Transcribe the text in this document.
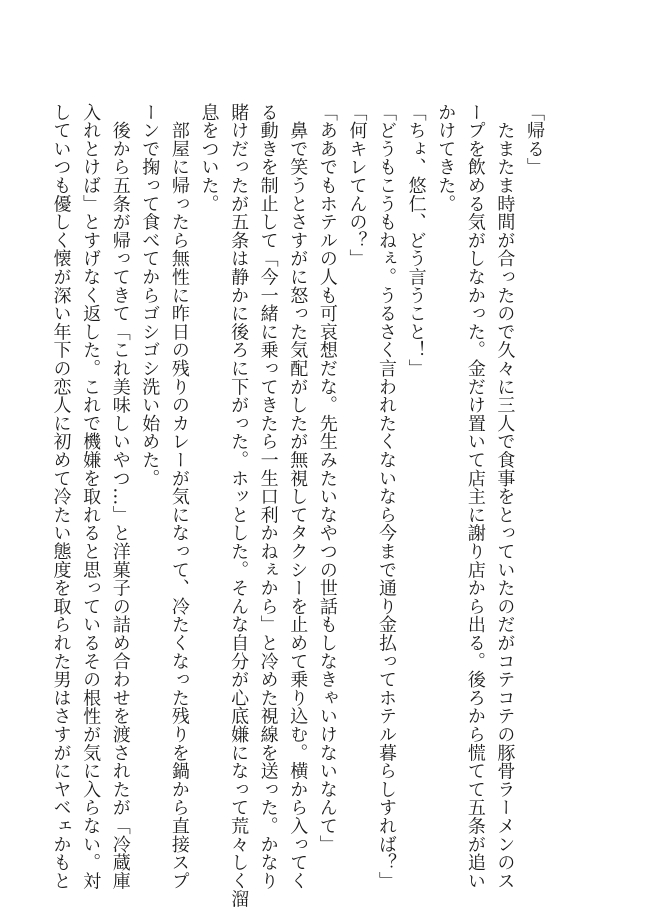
「帰る」
　たまたま時間が合ったので久々に三人で食事をとっていたのだがコテコテの豚骨ラーメンのス
ープを飲める気がしなかった。金だけ置いて店主に謝り店から出る。後ろから慌てて五条が追い
かけてきた。
「ちょ、悠仁、どう言うこと！」
「どうもこうもねぇ。うるさく言われたくないなら今まで通り金払ってホテル暮らしすれば？」
「何キレてんの？」
「ああでもホテルの人も可哀想だな。先生みたいなやつの世話もしなきゃいけないなんて」
　鼻で笑うとさすがに怒った気配がしたが無視してタクシーを止めて乗り込む。横から入ってく
る動きを制止して「今一緒に乗ってきたら一生口利かねぇから」と冷めた視線を送った。かなり
賭けだったが五条は静かに後ろに下がった。ホッとした。そんな自分が心底嫌になって荒々しく溜
息をついた。
　部屋に帰ったら無性に昨日の残りのカレーが気になって、冷たくなった残りを鍋から直接スプ
ーンで掬って食べてからゴシゴシ洗い始めた。
　後から五条が帰ってきて「これ美味しいやつ…」と洋菓子の詰め合わせを渡されたが「冷蔵庫
入れとけば」とすげなく返した。これで機嫌を取れると思っているその根性が気に入らない。対
していつも優しく懐が深い年下の恋人に初めて冷たい態度を取られた男はさすがにヤベェかもと
